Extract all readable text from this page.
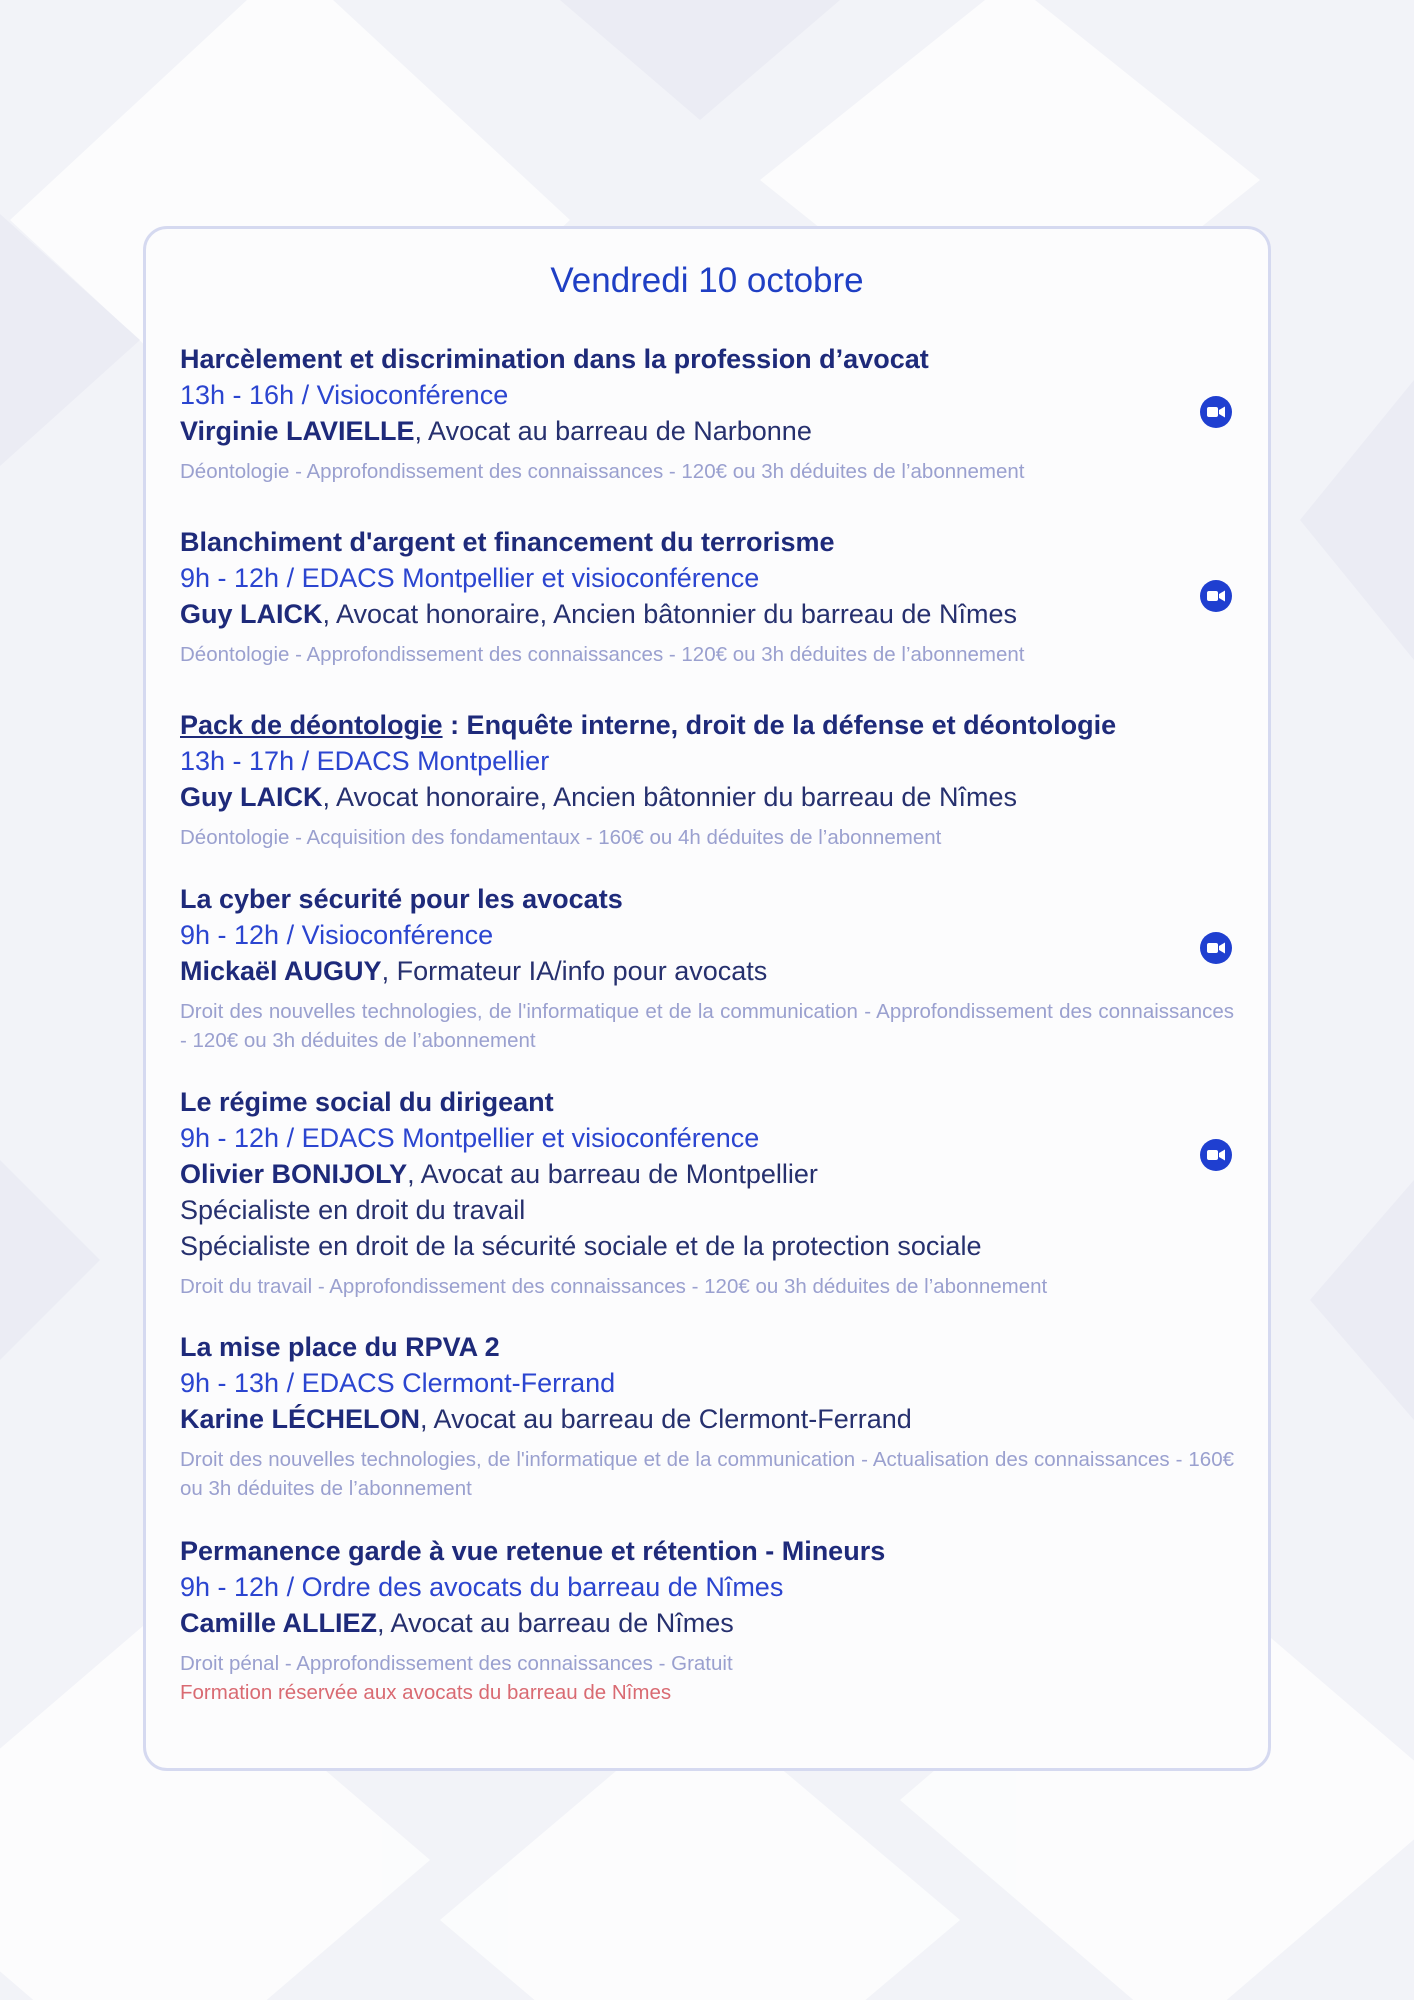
Vendredi 10 octobre
Harcèlement et discrimination dans la profession d’avocat
13h - 16h / Visioconférence
Virginie LAVIELLE, Avocat au barreau de Narbonne
Déontologie - Approfondissement des connaissances - 120€ ou 3h déduites de l’abonnement
Blanchiment d'argent et financement du terrorisme
9h - 12h / EDACS Montpellier et visioconférence
Guy LAICK, Avocat honoraire, Ancien bâtonnier du barreau de Nîmes
Déontologie - Approfondissement des connaissances - 120€ ou 3h déduites de l’abonnement
Pack de déontologie : Enquête interne, droit de la défense et déontologie
13h - 17h / EDACS Montpellier
Guy LAICK, Avocat honoraire, Ancien bâtonnier du barreau de Nîmes
Déontologie - Acquisition des fondamentaux - 160€ ou 4h déduites de l’abonnement
La cyber sécurité pour les avocats
9h - 12h / Visioconférence
Mickaël AUGUY, Formateur IA/info pour avocats
Droit des nouvelles technologies, de l'informatique et de la communication - Approfondissement des connaissances - 120€ ou 3h déduites de l’abonnement
Le régime social du dirigeant
9h - 12h / EDACS Montpellier et visioconférence
Olivier BONIJOLY, Avocat au barreau de Montpellier
Spécialiste en droit du travail
Spécialiste en droit de la sécurité sociale et de la protection sociale
Droit du travail - Approfondissement des connaissances - 120€ ou 3h déduites de l’abonnement
La mise place du RPVA 2
9h - 13h / EDACS Clermont-Ferrand
Karine LÉCHELON, Avocat au barreau de Clermont-Ferrand
Droit des nouvelles technologies, de l'informatique et de la communication - Actualisation des connaissances - 160€ ou 3h déduites de l’abonnement
Permanence garde à vue retenue et rétention - Mineurs
9h - 12h / Ordre des avocats du barreau de Nîmes
Camille ALLIEZ, Avocat au barreau de Nîmes
Droit pénal - Approfondissement des connaissances - Gratuit
Formation réservée aux avocats du barreau de Nîmes
